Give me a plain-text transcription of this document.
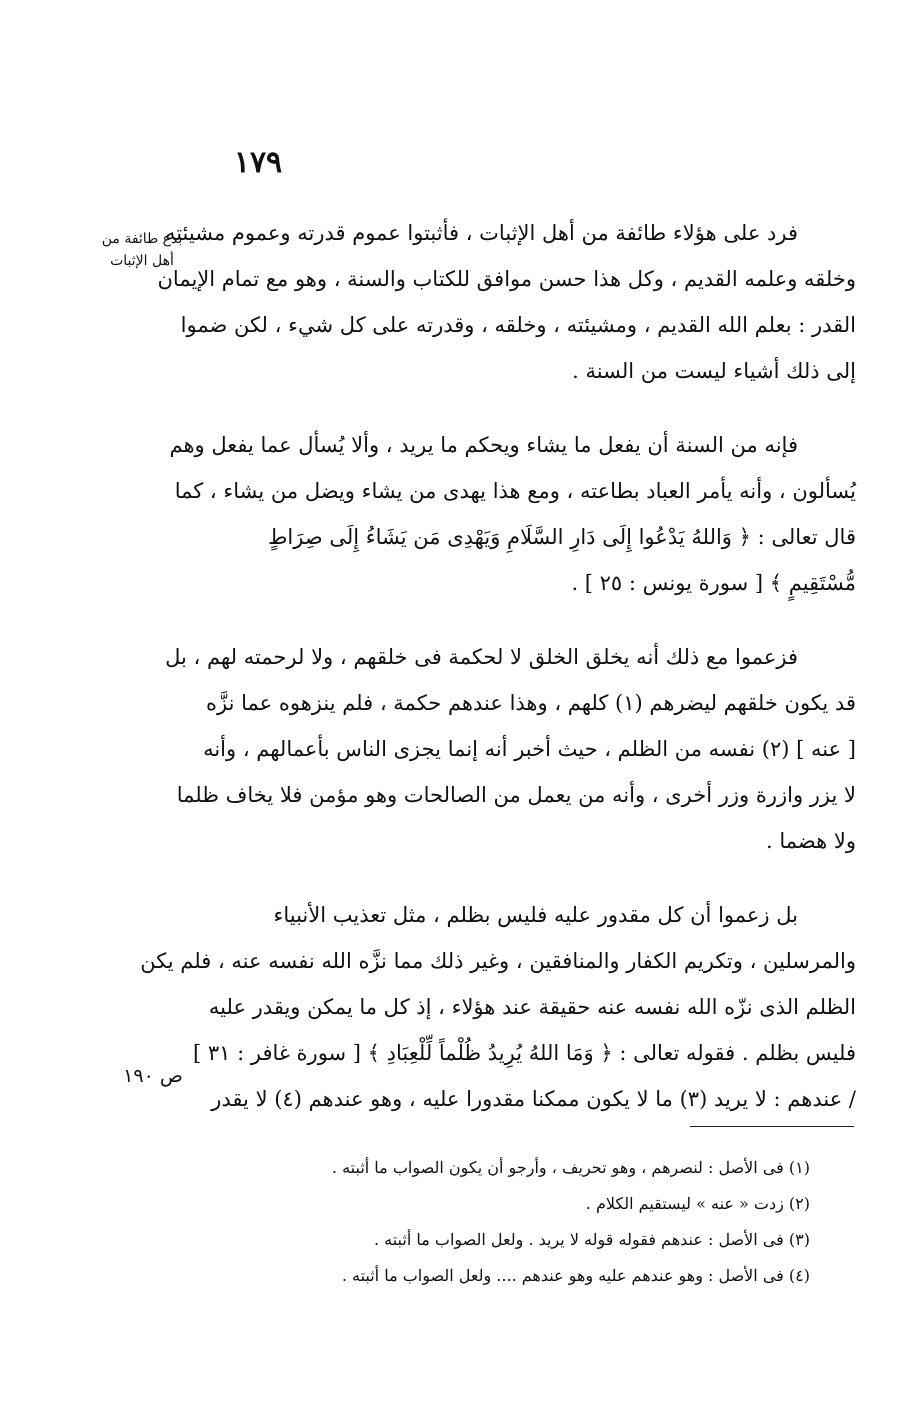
١٧٩
بدع طائفة من أهل الإثبات
فرد على هؤلاء طائفة من أهل الإثبات ، فأثبتوا عموم قدرته وعموم مشيئته
وخلقه وعلمه القديم ، وكل هذا حسن موافق للكتاب والسنة ، وهو مع تمام الإيمان
القدر : بعلم الله القديم ، ومشيئته ، وخلقه ، وقدرته على كل شيء ، لكن ضموا
إلى ذلك أشياء ليست من السنة .
فإنه من السنة أن يفعل ما يشاء ويحكم ما يريد ، وألا يُسأل عما يفعل وهم
يُسألون ، وأنه يأمر العباد بطاعته ، ومع هذا يهدى من يشاء ويضل من يشاء ، كما
قال تعالى : ﴿ وَاللهُ يَدْعُوا إِلَى دَارِ السَّلَامِ وَيَهْدِى مَن يَشَاءُ إِلَى صِرَاطٍ
مُّسْتَقِيمٍ ﴾ [ سورة يونس : ٢٥ ] .
فزعموا مع ذلك أنه يخلق الخلق لا لحكمة فى خلقهم ، ولا لرحمته لهم ، بل
قد يكون خلقهم ليضرهم (١) كلهم ، وهذا عندهم حكمة ، فلم ينزهوه عما نزَّه
[ عنه ] (٢) نفسه من الظلم ، حيث أخبر أنه إنما يجزى الناس بأعمالهم ، وأنه
لا يزر وازرة وزر أخرى ، وأنه من يعمل من الصالحات وهو مؤمن فلا يخاف ظلما
ولا هضما .
بل زعموا أن كل مقدور عليه فليس بظلم ، مثل تعذيب الأنبياء
والمرسلين ، وتكريم الكفار والمنافقين ، وغير ذلك مما نزَّه الله نفسه عنه ، فلم يكن
الظلم الذى نزّه الله نفسه عنه حقيقة عند هؤلاء ، إذ كل ما يمكن ويقدر عليه
فليس بظلم . فقوله تعالى : ﴿ وَمَا اللهُ يُرِيدُ ظُلْماً لِّلْعِبَادِ ﴾ [ سورة غافر : ٣١ ]
/ عندهم : لا يريد (٣) ما لا يكون ممكنا مقدورا عليه ، وهو عندهم (٤) لا يقدر
ص ١٩٠
(١) فى الأصل : لنصرهم ، وهو تحريف ، وأرجو أن يكون الصواب ما أثبته .
(٢) زدت « عنه » ليستقيم الكلام .
(٣) فى الأصل : عندهم فقوله قوله لا يريد . ولعل الصواب ما أثبته .
(٤) فى الأصل : وهو عندهم عليه وهو عندهم .... ولعل الصواب ما أثبته .
